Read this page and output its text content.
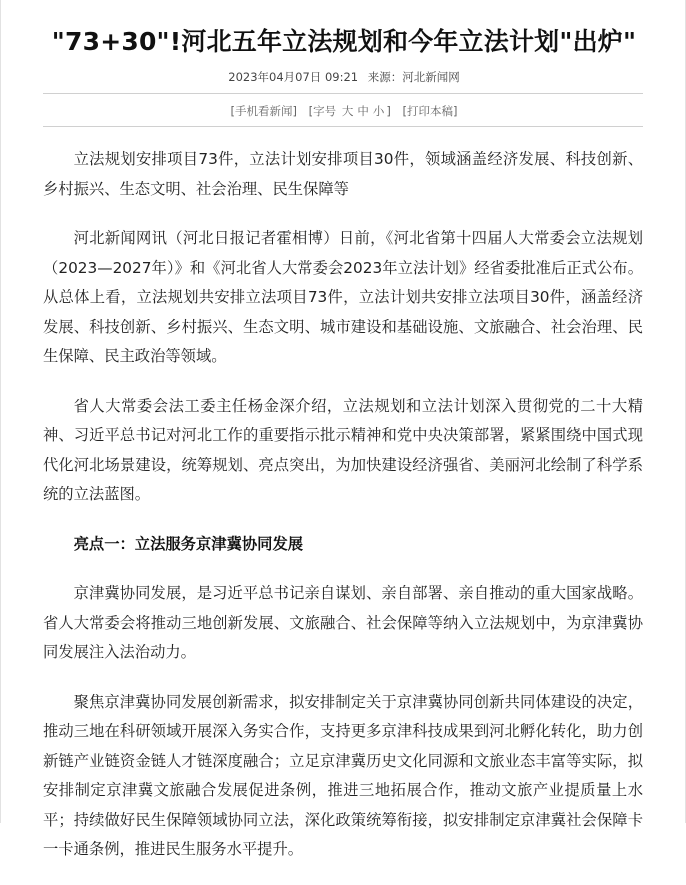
"73+30"!河北五年立法规划和今年立法计划"出炉"
2023年04月07日 09:21 来源：河北新闻网
[手机看新闻] [字号 大 中 小 ] [打印本稿]

立法规划安排项目73件，立法计划安排项目30件，领域涵盖经济发展、科技创新、乡村振兴、生态文明、社会治理、民生保障等

河北新闻网讯（河北日报记者霍相博）日前，《河北省第十四届人大常委会立法规划（2023—2027年）》和《河北省人大常委会2023年立法计划》经省委批准后正式公布。从总体上看，立法规划共安排立法项目73件，立法计划共安排立法项目30件，涵盖经济发展、科技创新、乡村振兴、生态文明、城市建设和基础设施、文旅融合、社会治理、民生保障、民主政治等领域。

省人大常委会法工委主任杨金深介绍，立法规划和立法计划深入贯彻党的二十大精神、习近平总书记对河北工作的重要指示批示精神和党中央决策部署，紧紧围绕中国式现代化河北场景建设，统筹规划、亮点突出，为加快建设经济强省、美丽河北绘制了科学系统的立法蓝图。

亮点一：立法服务京津冀协同发展

京津冀协同发展，是习近平总书记亲自谋划、亲自部署、亲自推动的重大国家战略。省人大常委会将推动三地创新发展、文旅融合、社会保障等纳入立法规划中，为京津冀协同发展注入法治动力。

聚焦京津冀协同发展创新需求，拟安排制定关于京津冀协同创新共同体建设的决定，推动三地在科研领域开展深入务实合作，支持更多京津科技成果到河北孵化转化，助力创新链产业链资金链人才链深度融合；立足京津冀历史文化同源和文旅业态丰富等实际，拟安排制定京津冀文旅融合发展促进条例，推进三地拓展合作，推动文旅产业提质量上水平；持续做好民生保障领域协同立法，深化政策统筹衔接，拟安排制定京津冀社会保障卡一卡通条例，推进民生服务水平提升。
